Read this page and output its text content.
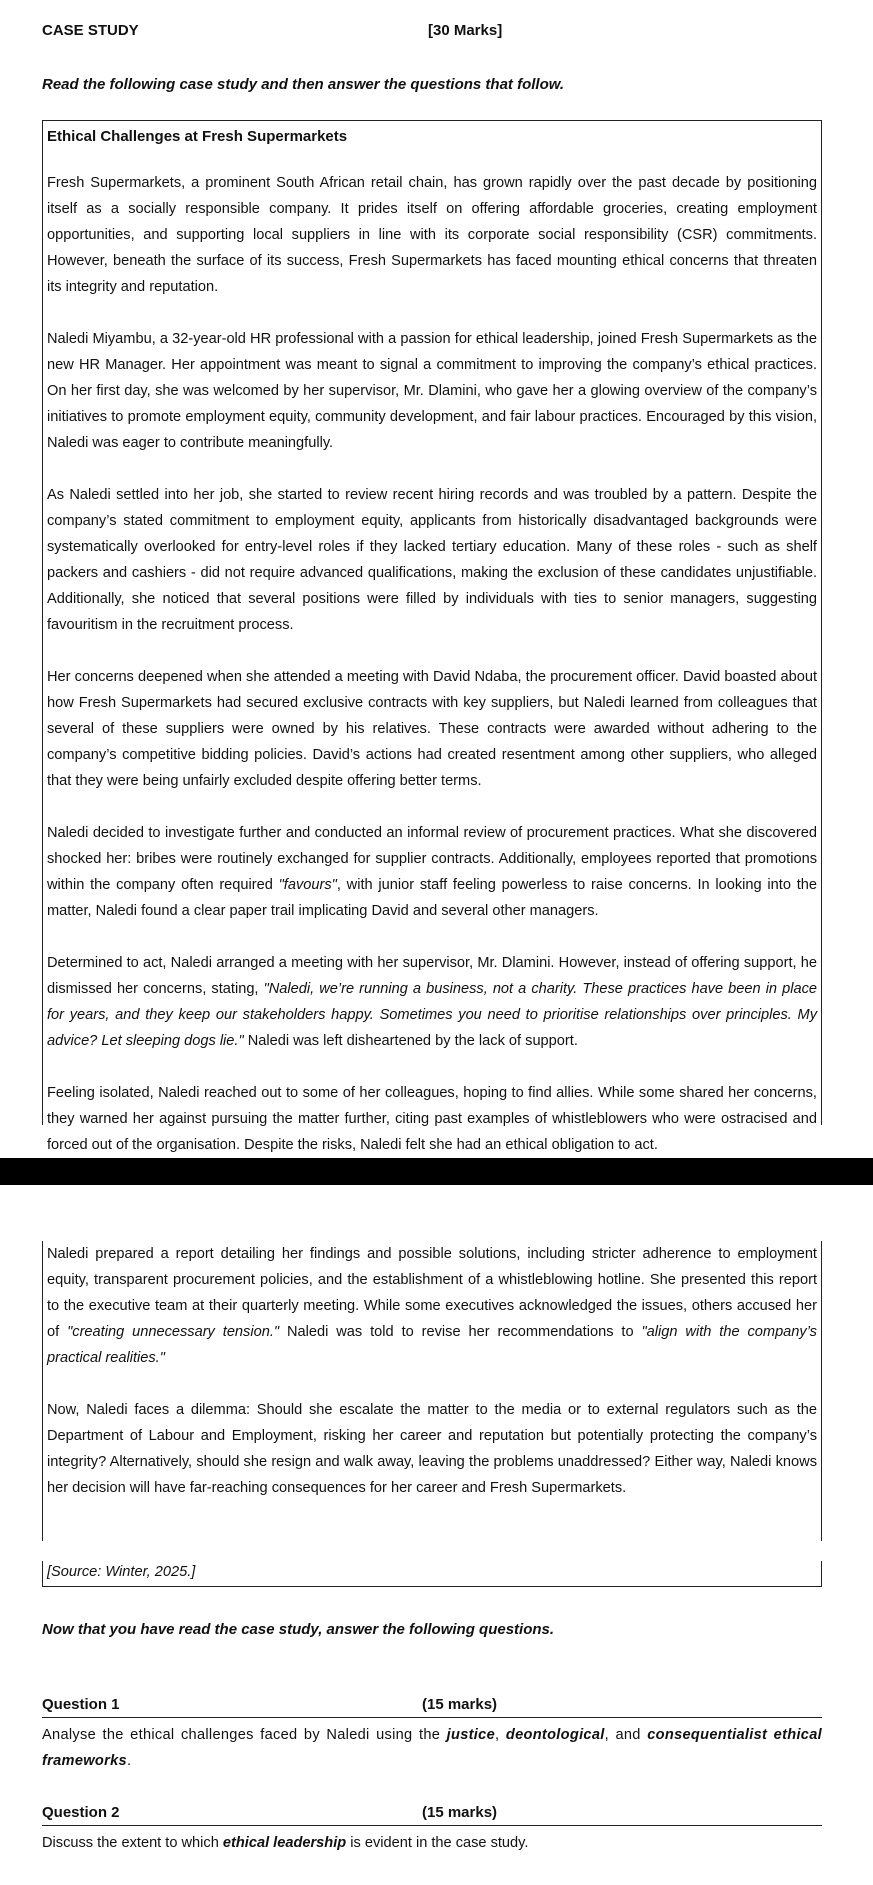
CASE STUDY	[30 Marks]
Read the following case study and then answer the questions that follow.
Ethical Challenges at Fresh Supermarkets

Fresh Supermarkets, a prominent South African retail chain, has grown rapidly over the past decade by positioning itself as a socially responsible company. It prides itself on offering affordable groceries, creating employment opportunities, and supporting local suppliers in line with its corporate social responsibility (CSR) commitments. However, beneath the surface of its success, Fresh Supermarkets has faced mounting ethical concerns that threaten its integrity and reputation.

Naledi Miyambu, a 32-year-old HR professional with a passion for ethical leadership, joined Fresh Supermarkets as the new HR Manager. Her appointment was meant to signal a commitment to improving the company’s ethical practices. On her first day, she was welcomed by her supervisor, Mr. Dlamini, who gave her a glowing overview of the company’s initiatives to promote employment equity, community development, and fair labour practices. Encouraged by this vision, Naledi was eager to contribute meaningfully.

As Naledi settled into her job, she started to review recent hiring records and was troubled by a pattern. Despite the company’s stated commitment to employment equity, applicants from historically disadvantaged backgrounds were systematically overlooked for entry-level roles if they lacked tertiary education. Many of these roles - such as shelf packers and cashiers - did not require advanced qualifications, making the exclusion of these candidates unjustifiable. Additionally, she noticed that several positions were filled by individuals with ties to senior managers, suggesting favouritism in the recruitment process.

Her concerns deepened when she attended a meeting with David Ndaba, the procurement officer. David boasted about how Fresh Supermarkets had secured exclusive contracts with key suppliers, but Naledi learned from colleagues that several of these suppliers were owned by his relatives. These contracts were awarded without adhering to the company’s competitive bidding policies. David’s actions had created resentment among other suppliers, who alleged that they were being unfairly excluded despite offering better terms.

Naledi decided to investigate further and conducted an informal review of procurement practices. What she discovered shocked her: bribes were routinely exchanged for supplier contracts. Additionally, employees reported that promotions within the company often required "favours", with junior staff feeling powerless to raise concerns. In looking into the matter, Naledi found a clear paper trail implicating David and several other managers.

Determined to act, Naledi arranged a meeting with her supervisor, Mr. Dlamini. However, instead of offering support, he dismissed her concerns, stating, "Naledi, we’re running a business, not a charity. These practices have been in place for years, and they keep our stakeholders happy. Sometimes you need to prioritise relationships over principles. My advice? Let sleeping dogs lie." Naledi was left disheartened by the lack of support.

Feeling isolated, Naledi reached out to some of her colleagues, hoping to find allies. While some shared her concerns, they warned her against pursuing the matter further, citing past examples of whistleblowers who were ostracised and forced out of the organisation. Despite the risks, Naledi felt she had an ethical obligation to act.

Naledi prepared a report detailing her findings and possible solutions, including stricter adherence to employment equity, transparent procurement policies, and the establishment of a whistleblowing hotline. She presented this report to the executive team at their quarterly meeting. While some executives acknowledged the issues, others accused her of "creating unnecessary tension." Naledi was told to revise her recommendations to "align with the company’s practical realities."

Now, Naledi faces a dilemma: Should she escalate the matter to the media or to external regulators such as the Department of Labour and Employment, risking her career and reputation but potentially protecting the company’s integrity? Alternatively, should she resign and walk away, leaving the problems unaddressed? Either way, Naledi knows her decision will have far-reaching consequences for her career and Fresh Supermarkets.

[Source: Winter, 2025.]
Now that you have read the case study, answer the following questions.
Question 1	(15 marks)
Analyse the ethical challenges faced by Naledi using the justice, deontological, and consequentialist ethical frameworks.
Question 2	(15 marks)
Discuss the extent to which ethical leadership is evident in the case study.
